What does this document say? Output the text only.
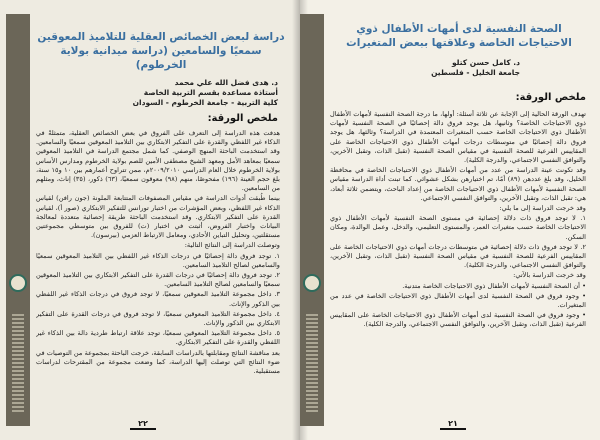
دراسة لبعض الخصائص العقلية للتلاميذ المعوقين سمعيًا والسامعين (دراسة ميدانية بولاية الخرطوم)
د. هدى فضل الله علي محمد
أستاذة مساعدة بقسم التربية الخاصة
كلية التربية - جامعة الخرطوم - السودان
ملخص الورقة:

هدفت هذه الدراسة إلى التعرف على الفروق في بعض الخصائص العقلية، متمثلةً في الذكاء غير اللفظي والقدرة على التفكير الابتكاري بين التلاميذ المعوقين سمعيًا والسامعين. وقد استخدمت الباحثة المنهج الوصفي. كما شمل مجتمع الدراسة في التلاميذ المعوقين سمعيًا بمعاهد الأمل ومعهد الشيخ مصطفى الأمين للصم بولاية الخرطوم ومدارس الأساس بولاية الخرطوم خلال العام الدراسي ٢٠٠٩/٢٠١٠م، ممن تتراوح أعمارهم بين ١٠ و١٥ سنة، بلغ حجم العينة (١٩٦) مفحوصًا، منهم (٩٨) معوقون سمعيًا، (٦٣) ذكور، (٣٥) إناث، ومثلهم من السامعين.

بينما طُبقت أدوات الدراسة في مقياس المصفوفات المتتابعة الملونة (جون رافن) لقياس الذكاء غير اللفظي، وبعض المؤشرات من اختبار تورانس للتفكير الابتكاري (صور أ)، لقياس القدرة على التفكير الابتكاري. وقد استخدمت الباحثة طريقة إحصائية متعددة لمعالجة البيانات واختبار الفروض، أثبتت في اختبار (ت) للفروق بين متوسطي مجموعتين مستقلتين، وتحليل التباين الأحادي، ومعامل الارتباط العزمي (بيرسون).

وتوصلت الدراسة إلى النتائج التالية:

١. توجد فروق دالة إحصائيًا في درجات الذكاء غير اللفظي بين التلاميذ المعوقين سمعيًا والسامعين لصالح التلاميذ السامعين.

٢. توجد فروق دالة إحصائيًا في درجات القدرة على التفكير الابتكاري بين التلاميذ المعوقين سمعيًا والسامعين لصالح التلاميذ السامعين.

٣. داخل مجموعة التلاميذ المعوقين سمعيًا، لا توجد فروق في درجات الذكاء غير اللفظي بين الذكور والإناث.

٤. داخل مجموعة التلاميذ المعوقين سمعيًا، لا توجد فروق في درجات القدرة على التفكير الابتكاري بين الذكور والإناث.

٥. داخل مجموعة التلاميذ المعوقين سمعيًا، توجد علاقة ارتباط طردية دالة بين الذكاء غير اللفظي والقدرة على التفكير الابتكاري.

بعد مناقشة النتائج ومقابلتها بالدراسات السابقة، خرجت الباحثة بمجموعة من التوصيات في ضوء النتائج التي توصلت إليها الدراسة، كما وضعت مجموعة من المقترحات لدراسات مستقبلية.

٢٢
الصحة النفسية لدى أمهات الأطفال ذوي الاحتياجات الخاصة وعلاقتها ببعض المتغيرات
د. كامل حسن كتلو
جامعة الخليل - فلسطين
ملخص الورقة:

تهدف الورقة الحالية إلى الإجابة عن ثلاثة أسئلة: أولها، ما درجة الصحة النفسية لأمهات الأطفال ذوي الاحتياجات الخاصة؟ وثانيها، هل يوجد فروق دالة إحصائيًا في الصحة النفسية لأمهات الأطفال ذوي الاحتياجات الخاصة حسب المتغيرات المعتمدة في الدراسة؟ وثالثها، هل يوجد فروق دالة إحصائيًا في متوسطات درجات أمهات الأطفال ذوي الاحتياجات الخاصة على المقاييس الفرعية للصحة النفسية في مقياس الصحة النفسية (تقبل الذات، وتقبل الآخرين، والتوافق النفسي الاجتماعي، والدرجة الكلية).

وقد تكونت عينة الدراسة من عدد من أمهات الأطفال ذوي الاحتياجات الخاصة في محافظة الخليل، وقد بلغ عددهن (٨٩) أمًا، تم اختيارهن بشكل عشوائي. كما تبنت أداة الدراسة مقياس الصحة النفسية لأمهات الأطفال ذوي الاحتياجات الخاصة من إعداد الباحث، ويتضمن ثلاثة أبعاد، هي: تقبل الذات، وتقبل الآخرين، والتوافق النفسي الاجتماعي.

وقد خرجت الدراسة إلى ما يلي:

١. لا توجد فروق ذات دلالة إحصائية في مستوى الصحة النفسية لأمهات الأطفال ذوي الاحتياجات الخاصة حسب متغيرات العمر، والمستوى التعليمي، والدخل، وعمل الوالدة، ومكان السكن.

٢. لا توجد فروق ذات دلالة إحصائية في متوسطات درجات أمهات ذوي الاحتياجات الخاصة على المقاييس الفرعية للصحة النفسية في مقياس الصحة النفسية (تقبل الذات، وتقبل الآخرين، والتوافق النفسي الاجتماعي، والدرجة الكلية).

وقد خرجت الدراسة بالآتي:

• أن الصحة النفسية لأمهات الأطفال ذوي الاحتياجات الخاصة متدنية.

• وجود فروق في الصحة النفسية لدى أمهات الأطفال ذوي الاحتياجات الخاصة في عدد من المتغيرات.

• وجود فروق في الصحة النفسية لدى أمهات الأطفال ذوي الاحتياجات الخاصة على المقاييس الفرعية (تقبل الذات، وتقبل الآخرين، والتوافق النفسي الاجتماعي، والدرجة الكلية).

٢١
